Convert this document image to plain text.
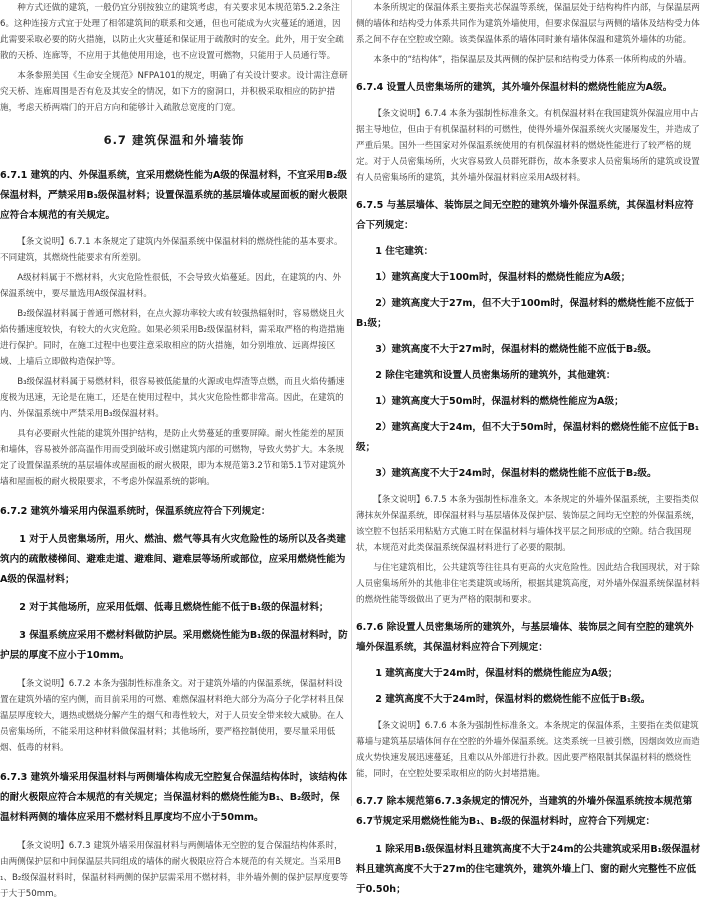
种方式还做的建筑，一般仍宜分别按独立的建筑考虑，有关要求见本规范第5.2.2条注6。这种连接方式宜于处理了相邻建筑间的联系和交通，但也可能成为火灾蔓延的通道，因此需要采取必要的防火措施，以防止火灾蔓延和保证用于疏散时的安全。此外，用于安全疏散的天桥、连廊等，不应用于其他使用用途，也不应设置可燃物，只能用于人员通行等。

本条参照美国《生命安全规范》NFPA101的规定，明确了有关设计要求。设计需注意研究天桥、连廊周围是否有危及其安全的情况，如下方的窗洞口，并积极采取相应的防护措施，考虑天桥两端门的开启方向和能够计入疏散总宽度的门宽。

6.7 建筑保温和外墙装饰

6.7.1 建筑的内、外保温系统，宜采用燃烧性能为A级的保温材料，不宜采用B₂级保温材料，严禁采用B₃级保温材料；设置保温系统的基层墙体或屋面板的耐火极限应符合本规范的有关规定。

【条文说明】6.7.1 本条规定了建筑内外保温系统中保温材料的燃烧性能的基本要求。不同建筑，其燃烧性能要求有所差别。

A级材料属于不燃材料，火灾危险性很低，不会导致火焰蔓延。因此，在建筑的内、外保温系统中，要尽量选用A级保温材料。

B₂级保温材料属于普通可燃材料，在点火源功率较大或有较强热辐射时，容易燃烧且火焰传播速度较快，有较大的火灾危险。如果必须采用B₂级保温材料，需采取严格的构造措施进行保护。同时，在施工过程中也要注意采取相应的防火措施，如分别堆放、远离焊接区域、上墙后立即做构造保护等。

B₃级保温材料属于易燃材料，很容易被低能量的火源或电焊渣等点燃，而且火焰传播速度极为迅速，无论是在施工，还是在使用过程中，其火灾危险性都非常高。因此，在建筑的内、外保温系统中严禁采用B₃级保温材料。

具有必要耐火性能的建筑外围护结构，是防止火势蔓延的重要屏障。耐火性能差的屋顶和墙体，容易被外部高温作用而受到破坏或引燃建筑内部的可燃物，导致火势扩大。本条规定了设置保温系统的基层墙体或屋面板的耐火极限，即为本规范第3.2节和第5.1节对建筑外墙和屋面板的耐火极限要求，不考虑外保温系统的影响。

6.7.2 建筑外墙采用内保温系统时，保温系统应符合下列规定：

1 对于人员密集场所，用火、燃油、燃气等具有火灾危险性的场所以及各类建筑内的疏散楼梯间、避难走道、避难间、避难层等场所或部位，应采用燃烧性能为A级的保温材料；

2 对于其他场所，应采用低烟、低毒且燃烧性能不低于B₁级的保温材料；

3 保温系统应采用不燃材料做防护层。采用燃烧性能为B₁级的保温材料时，防护层的厚度不应小于10mm。

【条文说明】6.7.2 本条为强制性标准条文。对于建筑外墙的内保温系统，保温材料设置在建筑外墙的室内侧，而目前采用的可燃、难燃保温材料绝大部分为高分子化学材料且保温层厚度较大，遇热或燃烧分解产生的烟气和毒性较大，对于人员安全带来较大威胁。在人员密集场所，不能采用这种材料做保温材料；其他场所，要严格控制使用，要尽量采用低烟、低毒的材料。

6.7.3 建筑外墙采用保温材料与两侧墙体构成无空腔复合保温结构体时，该结构体的耐火极限应符合本规范的有关规定；当保温材料的燃烧性能为B₁、B₂级时，保温材料两侧的墙体应采用不燃材料且厚度均不应小于50mm。

【条文说明】6.7.3 建筑外墙采用保温材料与两侧墙体无空腔的复合保温结构体系时，由两侧保护层和中间保温层共同组成的墙体的耐火极限应符合本规范的有关规定。当采用B₁、B₂级保温材料时，保温材料两侧的保护层需采用不燃材料，非外墙外侧的保护层厚度要等于大于50mm。

本条所规定的保温体系主要指夹芯保温等系统，保温层处于结构构件内部，与保温层两侧的墙体和结构受力体系共同作为建筑外墙使用，但要求保温层与两侧的墙体及结构受力体系之间不存在空腔或空隙。该类保温体系的墙体同时兼有墙体保温和建筑外墙体的功能。

本条中的“结构体”，指保温层及其两侧的保护层和结构受力体系一体所构成的外墙。

6.7.4 设置人员密集场所的建筑，其外墙外保温材料的燃烧性能应为A级。

【条文说明】6.7.4 本条为强制性标准条文。有机保温材料在我国建筑外保温应用中占据主导地位，但由于有机保温材料的可燃性，使得外墙外保温系统火灾屡屡发生，并造成了严重后果。国外一些国家对外保温系统使用的有机保温材料的燃烧性能进行了较严格的规定。对于人员密集场所，火灾容易致人员群死群伤，故本条要求人员密集场所的建筑或设置有人员密集场所的建筑，其外墙外保温材料应采用A级材料。

6.7.5 与基层墙体、装饰层之间无空腔的建筑外墙外保温系统，其保温材料应符合下列规定：

1 住宅建筑：

1）建筑高度大于100m时，保温材料的燃烧性能应为A级；

2）建筑高度大于27m，但不大于100m时，保温材料的燃烧性能不应低于B₁级；

3）建筑高度不大于27m时，保温材料的燃烧性能不应低于B₂级。

2 除住宅建筑和设置人员密集场所的建筑外，其他建筑：

1）建筑高度大于50m时，保温材料的燃烧性能应为A级；

2）建筑高度大于24m，但不大于50m时，保温材料的燃烧性能不应低于B₁级；

3）建筑高度不大于24m时，保温材料的燃烧性能不应低于B₂级。

【条文说明】6.7.5 本条为强制性标准条文。本条规定的外墙外保温系统，主要指类似薄抹灰外保温系统，即保温材料与基层墙体及保护层、装饰层之间均无空腔的外保温系统，该空腔不包括采用粘贴方式施工时在保温材料与墙体找平层之间形成的空隙。结合我国现状，本规范对此类保温系统保温材料进行了必要的限制。

与住宅建筑相比，公共建筑等往往具有更高的火灾危险性。因此结合我国现状，对于除人员密集场所外的其他非住宅类建筑或场所，根据其建筑高度，对外墙外保温系统保温材料的燃烧性能等级做出了更为严格的限制和要求。

6.7.6 除设置人员密集场所的建筑外，与基层墙体、装饰层之间有空腔的建筑外墙外保温系统，其保温材料应符合下列规定：

1 建筑高度大于24m时，保温材料的燃烧性能应为A级；

2 建筑高度不大于24m时，保温材料的燃烧性能不应低于B₁级。

【条文说明】6.7.6 本条为强制性标准条文。本条规定的保温体系，主要指在类似建筑幕墙与建筑基层墙体间存在空腔的外墙外保温系统。这类系统一旦被引燃，因烟囱效应而造成火势快速发展迅速蔓延，且难以从外部进行扑救。因此要严格限制其保温材料的燃烧性能，同时，在空腔处要采取相应的防火封堵措施。

6.7.7 除本规范第6.7.3条规定的情况外，当建筑的外墙外保温系统按本规范第6.7节规定采用燃烧性能为B₁、B₂级的保温材料时，应符合下列规定：

1 除采用B₁级保温材料且建筑高度不大于24m的公共建筑或采用B₁级保温材料且建筑高度不大于27m的住宅建筑外，建筑外墙上门、窗的耐火完整性不应低于0.50h；
